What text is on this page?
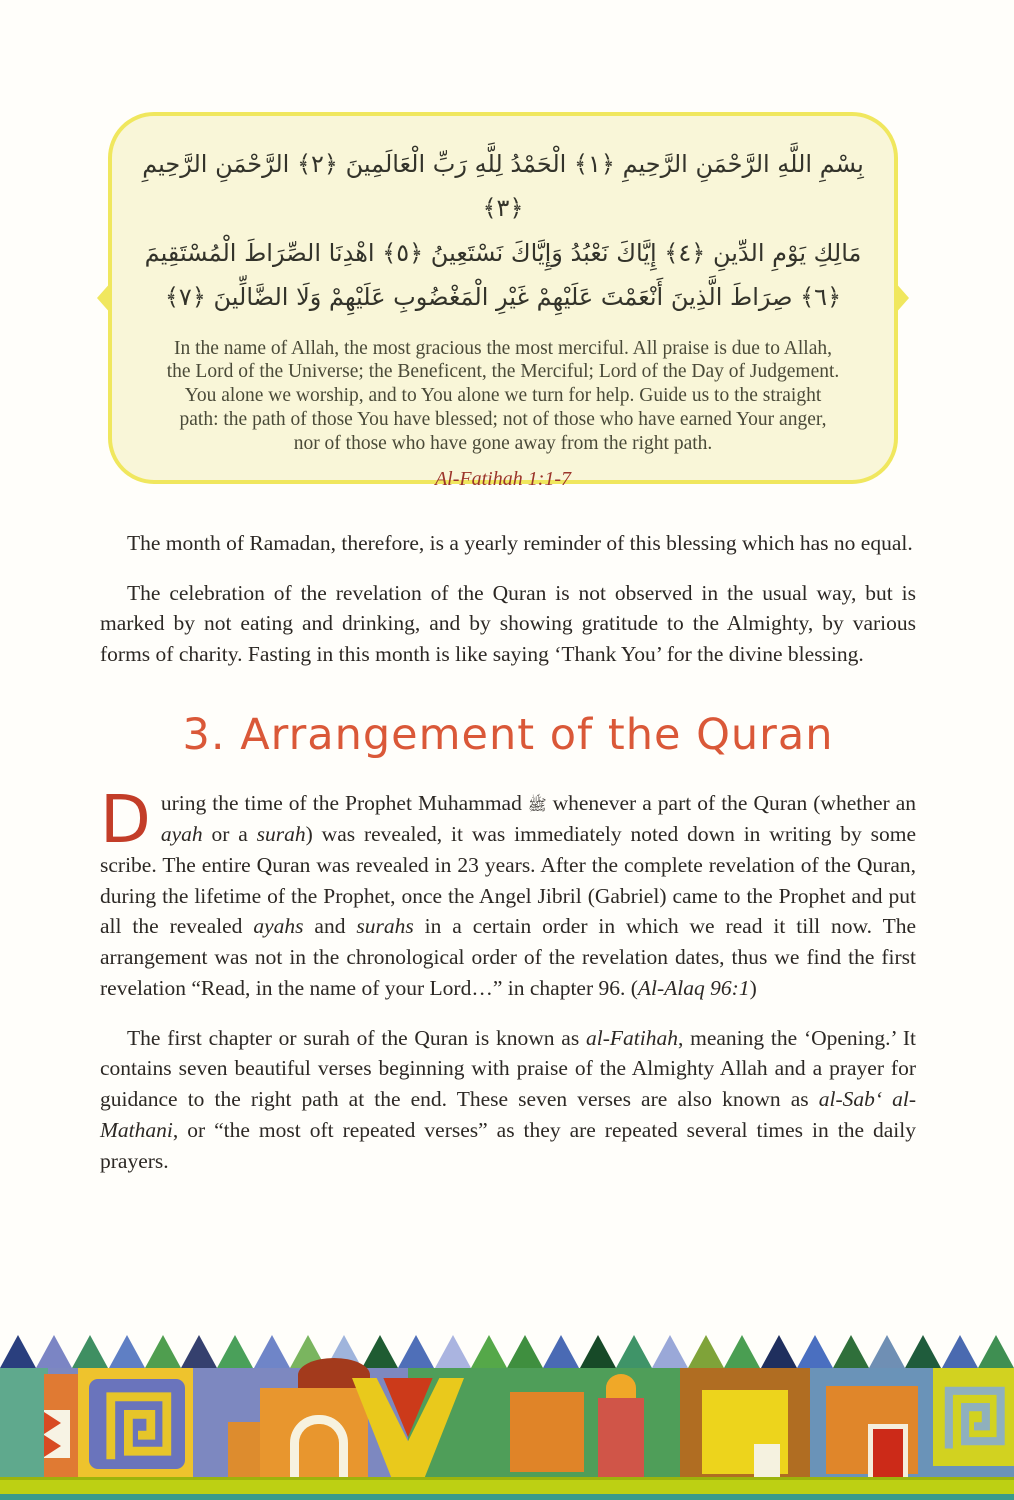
بِسْمِ اللَّهِ الرَّحْمَنِ الرَّحِيمِ ﴿١﴾ الْحَمْدُ لِلَّهِ رَبِّ الْعَالَمِينَ ﴿٢﴾ الرَّحْمَنِ الرَّحِيمِ ﴿٣﴾
مَالِكِ يَوْمِ الدِّينِ ﴿٤﴾ إِيَّاكَ نَعْبُدُ وَإِيَّاكَ نَسْتَعِينُ ﴿٥﴾ اهْدِنَا الصِّرَاطَ الْمُسْتَقِيمَ
﴿٦﴾ صِرَاطَ الَّذِينَ أَنْعَمْتَ عَلَيْهِمْ غَيْرِ الْمَغْضُوبِ عَلَيْهِمْ وَلَا الضَّالِّينَ ﴿٧﴾

In the name of Allah, the most gracious the most merciful. All praise is due to Allah, the Lord of the Universe; the Beneficent, the Merciful; Lord of the Day of Judgement. You alone we worship, and to You alone we turn for help. Guide us to the straight path: the path of those You have blessed; not of those who have earned Your anger, nor of those who have gone away from the right path.

Al-Fatihah 1:1-7

The month of Ramadan, therefore, is a yearly reminder of this blessing which has no equal.

The celebration of the revelation of the Quran is not observed in the usual way, but is marked by not eating and drinking, and by showing gratitude to the Almighty, by various forms of charity. Fasting in this month is like saying ‘Thank You’ for the divine blessing.

3. Arrangement of the Quran

During the time of the Prophet Muhammad ﷺ whenever a part of the Quran (whether an ayah or a surah) was revealed, it was immediately noted down in writing by some scribe. The entire Quran was revealed in 23 years. After the complete revelation of the Quran, during the lifetime of the Prophet, once the Angel Jibril (Gabriel) came to the Prophet and put all the revealed ayahs and surahs in a certain order in which we read it till now. The arrangement was not in the chronological order of the revelation dates, thus we find the first revelation “Read, in the name of your Lord…” in chapter 96. (Al-Alaq 96:1)

The first chapter or surah of the Quran is known as al-Fatihah, meaning the ‘Opening.’ It contains seven beautiful verses beginning with praise of the Almighty Allah and a prayer for guidance to the right path at the end. These seven verses are also known as al-Sab‘ al- Mathani, or “the most oft repeated verses” as they are repeated several times in the daily prayers.
